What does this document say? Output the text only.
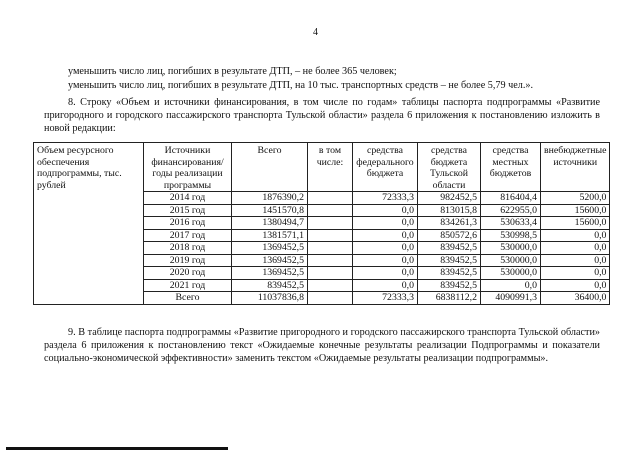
4

уменьшить число лиц, погибших в результате ДТП, – не более 365 человек;

уменьшить число лиц, погибших в результате ДТП, на 10 тыс. транспортных средств – не более 5,79 чел.».

8. Строку «Объем и источники финансирования, в том числе по годам» таблицы паспорта подпрограммы «Развитие пригородного и городского пассажирского транспорта Тульской области» раздела 6 приложения к постановлению изложить в новой редакции:

Объем ресурсного обеспечения подпрограммы, тыс. рублей	Источники финансирования/ годы реализации программы	Всего	в том числе:	средства федерального бюджета	средства бюджета Тульской области	средства местных бюджетов	внебюджетные источники
	2014 год	1876390,2		72333,3	982452,5	816404,4	5200,0
	2015 год	1451570,8		0,0	813015,8	622955,0	15600,0
	2016 год	1380494,7		0,0	834261,3	530633,4	15600,0
	2017 год	1381571,1		0,0	850572,6	530998,5	0,0
	2018 год	1369452,5		0,0	839452,5	530000,0	0,0
	2019 год	1369452,5		0,0	839452,5	530000,0	0,0
	2020 год	1369452,5		0,0	839452,5	530000,0	0,0
	2021 год	839452,5		0,0	839452,5	0,0	0,0
	Всего	11037836,8		72333,3	6838112,2	4090991,3	36400,0

9. В таблице паспорта подпрограммы «Развитие пригородного и городского пассажирского транспорта Тульской области» раздела 6 приложения к постановлению текст «Ожидаемые конечные результаты реализации Подпрограммы и показатели социально-экономической эффективности» заменить текстом «Ожидаемые результаты реализации подпрограммы».
